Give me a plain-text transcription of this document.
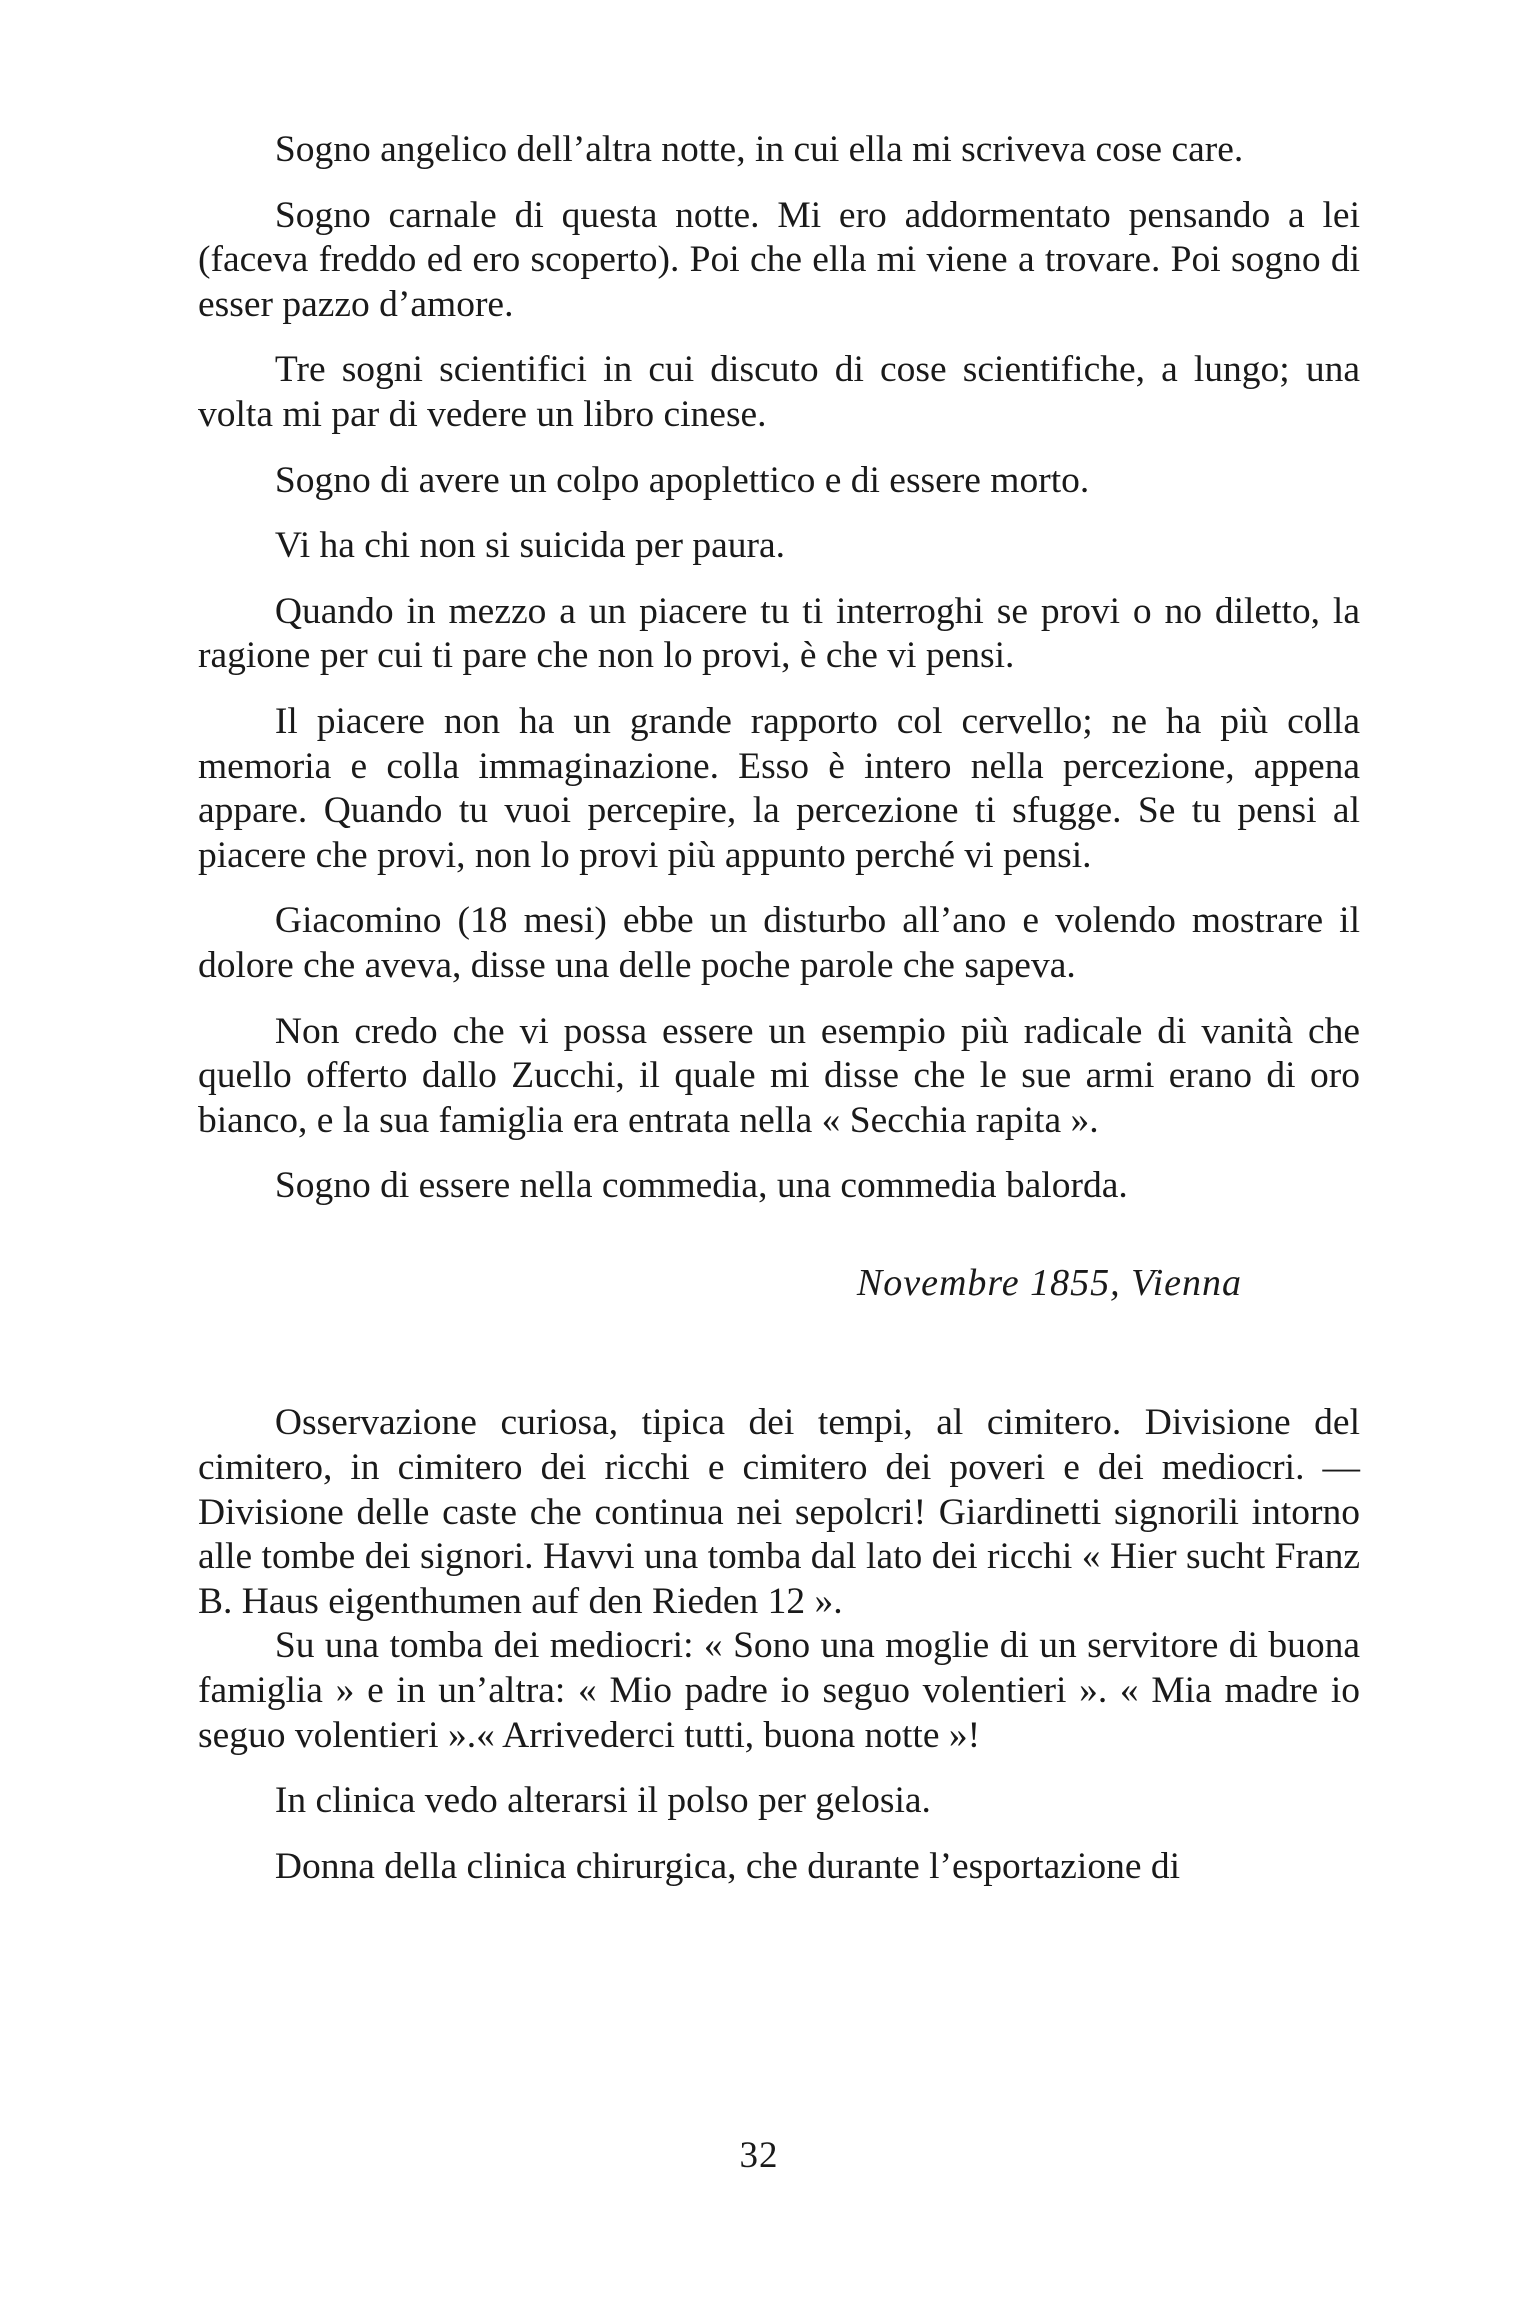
Sogno angelico dell’altra notte, in cui ella mi scriveva cose care.

Sogno carnale di questa notte. Mi ero addormentato pensando a lei (faceva freddo ed ero scoperto). Poi che ella mi viene a trovare. Poi sogno di esser pazzo d’amore.

Tre sogni scientifici in cui discuto di cose scientifiche, a lungo; una volta mi par di vedere un libro cinese.

Sogno di avere un colpo apoplettico e di essere morto.

Vi ha chi non si suicida per paura.

Quando in mezzo a un piacere tu ti interroghi se provi o no diletto, la ragione per cui ti pare che non lo provi, è che vi pensi.

Il piacere non ha un grande rapporto col cervello; ne ha più colla memoria e colla immaginazione. Esso è intero nella percezione, appena appare. Quando tu vuoi percepire, la percezione ti sfugge. Se tu pensi al piacere che provi, non lo provi più appunto perché vi pensi.

Giacomino (18 mesi) ebbe un disturbo all’ano e volendo mostrare il dolore che aveva, disse una delle poche parole che sapeva.

Non credo che vi possa essere un esempio più radicale di vanità che quello offerto dallo Zucchi, il quale mi disse che le sue armi erano di oro bianco, e la sua famiglia era entrata nella « Secchia rapita ».

Sogno di essere nella commedia, una commedia balorda.

Novembre 1855, Vienna

Osservazione curiosa, tipica dei tempi, al cimitero. Divisione del cimitero, in cimitero dei ricchi e cimitero dei poveri e dei mediocri. — Divisione delle caste che continua nei sepolcri! Giardinetti signorili intorno alle tombe dei signori. Havvi una tomba dal lato dei ricchi « Hier sucht Franz B. Haus eigenthumen auf den Rieden 12 ».

Su una tomba dei mediocri: « Sono una moglie di un servitore di buona famiglia » e in un’altra: « Mio padre io seguo volentieri ». « Mia madre io seguo volentieri ».« Arrivederci tutti, buona notte »!

In clinica vedo alterarsi il polso per gelosia.

Donna della clinica chirurgica, che durante l’esportazione di

32
